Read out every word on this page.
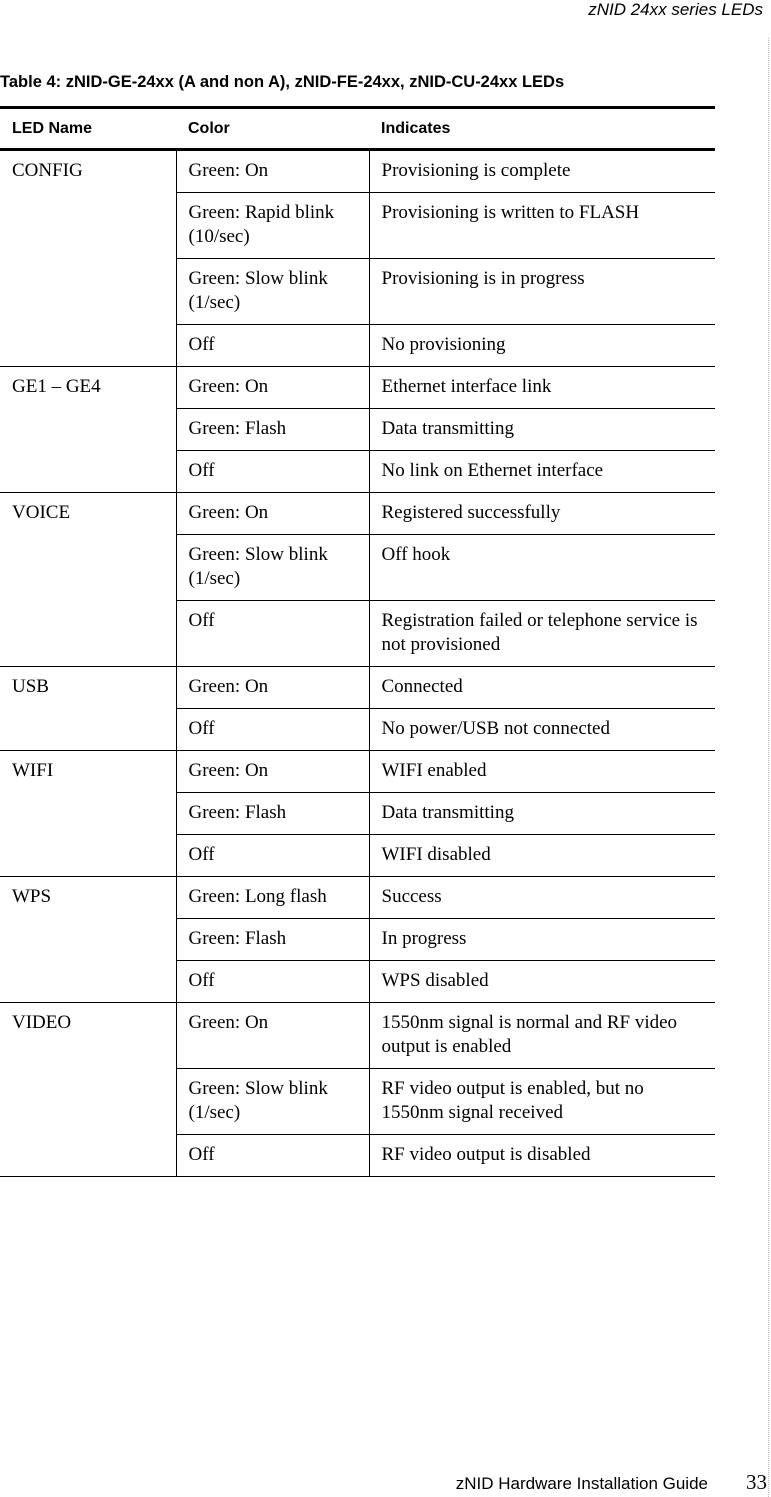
zNID 24xx series LEDs
Table 4: zNID-GE-24xx (A and non A), zNID-FE-24xx, zNID-CU-24xx LEDs
LED Name	Color	Indicates
CONFIG	Green: On	Provisioning is complete
	Green: Rapid blink (10/sec)	Provisioning is written to FLASH
	Green: Slow blink (1/sec)	Provisioning is in progress
	Off	No provisioning
GE1 – GE4	Green: On	Ethernet interface link
	Green: Flash	Data transmitting
	Off	No link on Ethernet interface
VOICE	Green: On	Registered successfully
	Green: Slow blink (1/sec)	Off hook
	Off	Registration failed or telephone service is not provisioned
USB	Green: On	Connected
	Off	No power/USB not connected
WIFI	Green: On	WIFI enabled
	Green: Flash	Data transmitting
	Off	WIFI disabled
WPS	Green: Long flash	Success
	Green: Flash	In progress
	Off	WPS disabled
VIDEO	Green: On	1550nm signal is normal and RF video output is enabled
	Green: Slow blink (1/sec)	RF video output is enabled, but no 1550nm signal received
	Off	RF video output is disabled
zNID Hardware Installation Guide 33
